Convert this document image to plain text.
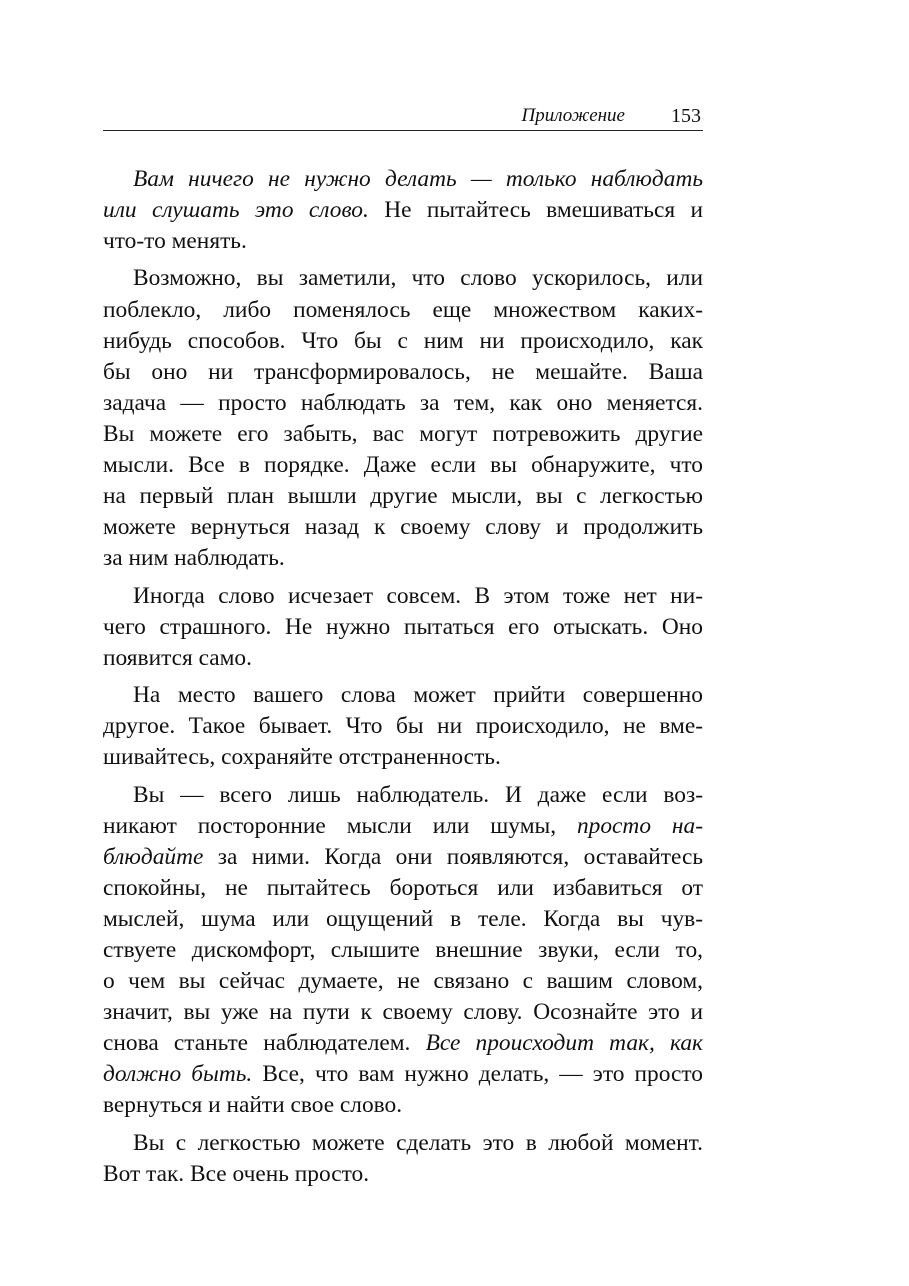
Приложение 153
Вам ничего не нужно делать — только наблюдать
или слушать это слово. Не пытайтесь вмешиваться и
что-то менять.
Возможно, вы заметили, что слово ускорилось, или
поблекло, либо поменялось еще множеством каких-
нибудь способов. Что бы с ним ни происходило, как
бы оно ни трансформировалось, не мешайте. Ваша
задача — просто наблюдать за тем, как оно меняется.
Вы можете его забыть, вас могут потревожить другие
мысли. Все в порядке. Даже если вы обнаружите, что
на первый план вышли другие мысли, вы с легкостью
можете вернуться назад к своему слову и продолжить
за ним наблюдать.
Иногда слово исчезает совсем. В этом тоже нет ни-
чего страшного. Не нужно пытаться его отыскать. Оно
появится само.
На место вашего слова может прийти совершенно
другое. Такое бывает. Что бы ни происходило, не вме-
шивайтесь, сохраняйте отстраненность.
Вы — всего лишь наблюдатель. И даже если воз-
никают посторонние мысли или шумы, просто на-
блюдайте за ними. Когда они появляются, оставайтесь
спокойны, не пытайтесь бороться или избавиться от
мыслей, шума или ощущений в теле. Когда вы чув-
ствуете дискомфорт, слышите внешние звуки, если то,
о чем вы сейчас думаете, не связано с вашим словом,
значит, вы уже на пути к своему слову. Осознайте это и
снова станьте наблюдателем. Все происходит так, как
должно быть. Все, что вам нужно делать, — это просто
вернуться и найти свое слово.
Вы с легкостью можете сделать это в любой момент.
Вот так. Все очень просто.
